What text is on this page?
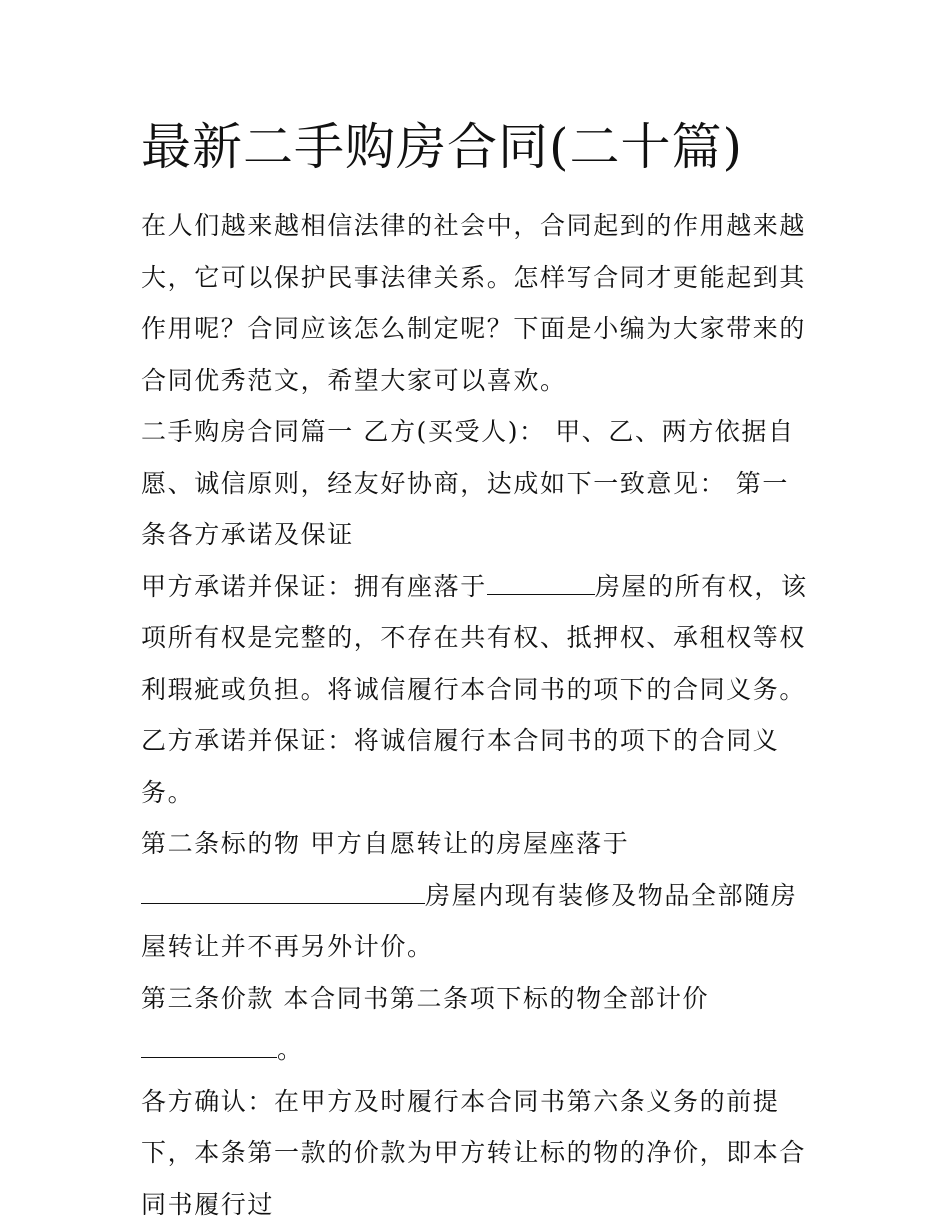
最新二手购房合同(二十篇)

在人们越来越相信法律的社会中，合同起到的作用越来越大，它可以保护民事法律关系。怎样写合同才更能起到其作用呢？合同应该怎么制定呢？下面是小编为大家带来的合同优秀范文，希望大家可以喜欢。

二手购房合同篇一 乙方(买受人)： 甲、乙、两方依据自愿、诚信原则，经友好协商，达成如下一致意见： 第一条各方承诺及保证

甲方承诺并保证：拥有座落于	房屋的所有权，该项所有权是完整的，不存在共有权、抵押权、承租权等权利瑕疵或负担。将诚信履行本合同书的项下的合同义务。乙方承诺并保证：将诚信履行本合同书的项下的合同义务。

第二条标的物 甲方自愿转让的房屋座落于
房屋内现有装修及物品全部随房屋转让并不再另外计价。

第三条价款 本合同书第二条项下标的物全部计价
。

各方确认：在甲方及时履行本合同书第六条义务的前提下，本条第一款的价款为甲方转让标的物的净价，即本合同书履行过
